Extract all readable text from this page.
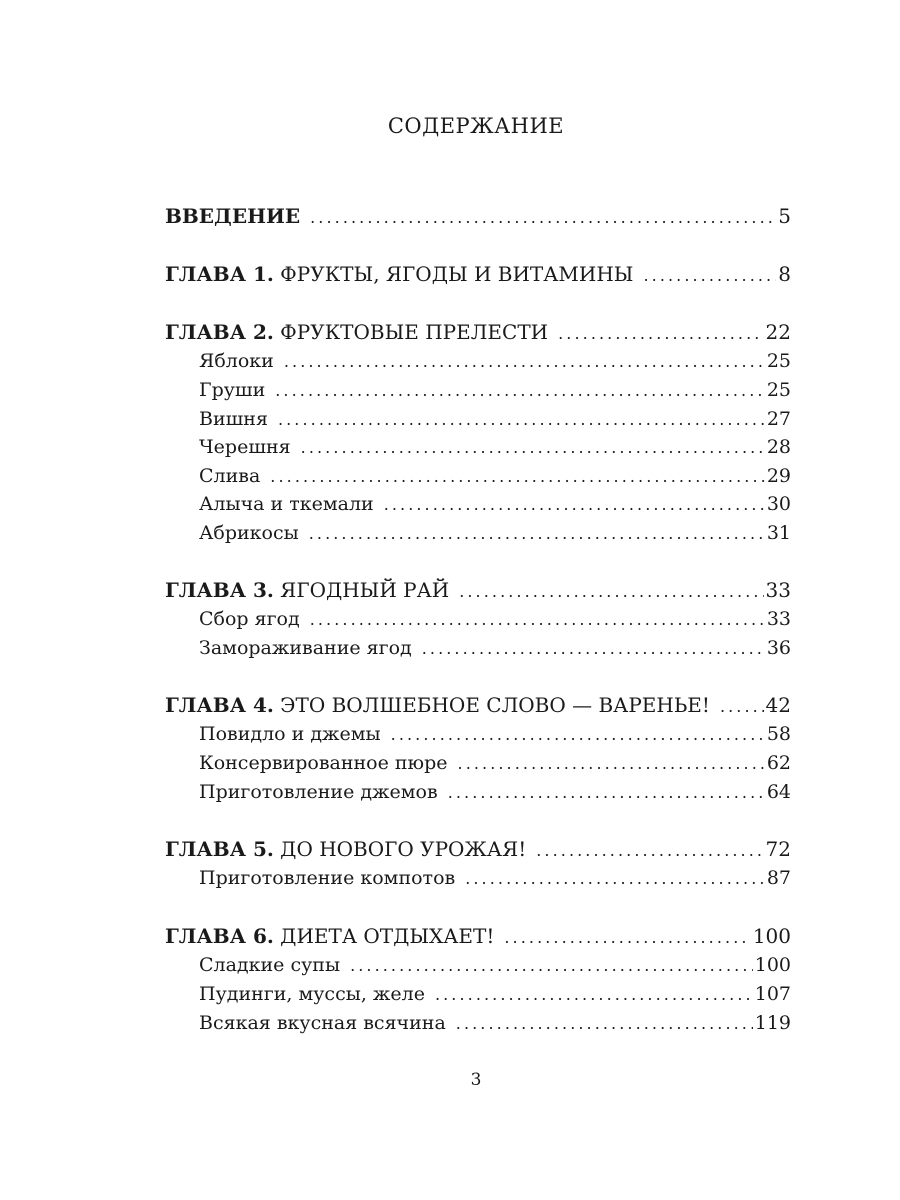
СОДЕРЖАНИЕ
ВВЕДЕНИЕ . . .	5
ГЛАВА 1. ФРУКТЫ, ЯГОДЫ И ВИТАМИНЫ . . .	8
ГЛАВА 2. ФРУКТОВЫЕ ПРЕЛЕСТИ . . .	22
Яблоки . . .	25
Груши . . .	25
Вишня . . .	27
Черешня . . .	28
Слива . . .	29
Алыча и ткемали . . .	30
Абрикосы . . .	31
ГЛАВА 3. ЯГОДНЫЙ РАЙ . . .	33
Сбор ягод . . .	33
Замораживание ягод . . .	36
ГЛАВА 4. ЭТО ВОЛШЕБНОЕ СЛОВО — ВАРЕНЬЕ! . . .	42
Повидло и джемы . . .	58
Консервированное пюре . . .	62
Приготовление джемов . . .	64
ГЛАВА 5. ДО НОВОГО УРОЖАЯ! . . .	72
Приготовление компотов . . .	87
ГЛАВА 6. ДИЕТА ОТДЫХАЕТ! . . .	100
Сладкие супы . . .	100
Пудинги, муссы, желе . . .	107
Всякая вкусная всячина . . .	119
3
